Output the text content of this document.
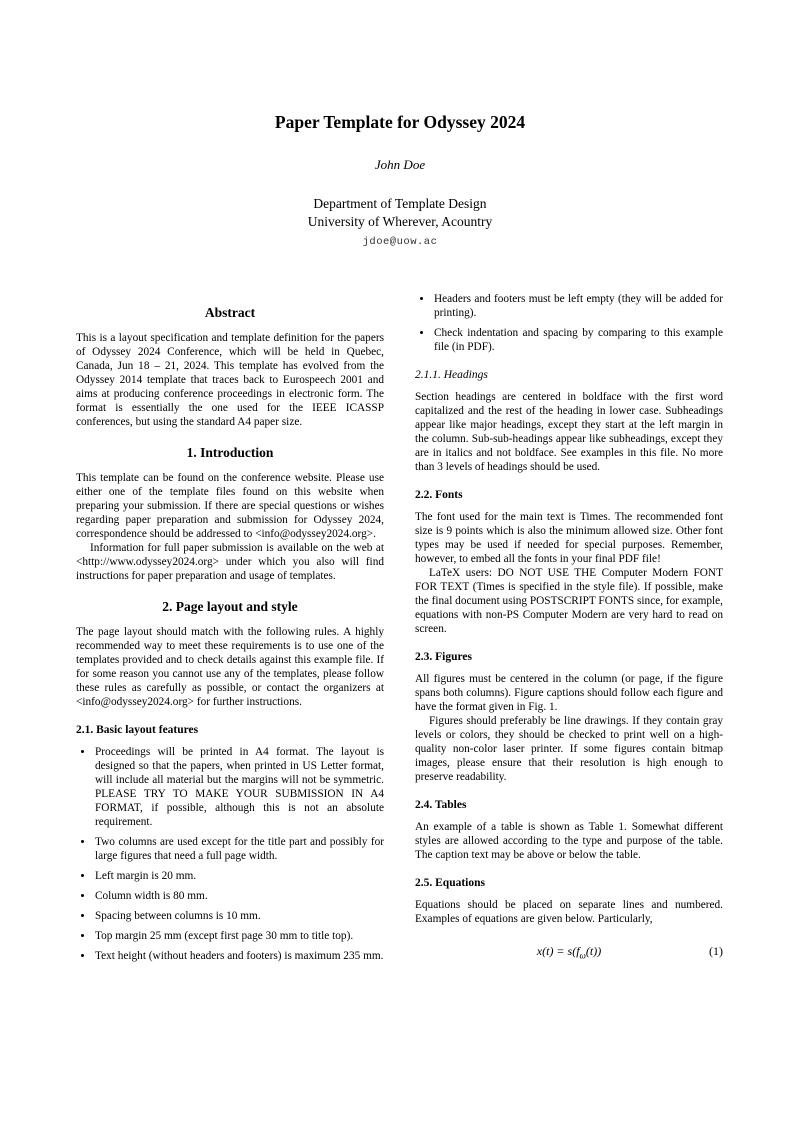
Paper Template for Odyssey 2024
John Doe
Department of Template Design
University of Wherever, Acountry
jdoe@uow.ac
Abstract

This is a layout specification and template definition for the papers of Odyssey 2024 Conference, which will be held in Quebec, Canada, Jun 18 – 21, 2024. This template has evolved from the Odyssey 2014 template that traces back to Eurospeech 2001 and aims at producing conference proceedings in electronic form. The format is essentially the one used for the IEEE ICASSP conferences, but using the standard A4 paper size.

1. Introduction

This template can be found on the conference website. Please use either one of the template files found on this website when preparing your submission. If there are special questions or wishes regarding paper preparation and submission for Odyssey 2024, correspondence should be addressed to <info@odyssey2024.org>.

Information for full paper submission is available on the web at <http://www.odyssey2024.org> under which you also will find instructions for paper preparation and usage of templates.

2. Page layout and style

The page layout should match with the following rules. A highly recommended way to meet these requirements is to use one of the templates provided and to check details against this example file. If for some reason you cannot use any of the templates, please follow these rules as carefully as possible, or contact the organizers at <info@odyssey2024.org> for further instructions.

2.1. Basic layout features
• Proceedings will be printed in A4 format. The layout is designed so that the papers, when printed in US Letter format, will include all material but the margins will not be symmetric. PLEASE TRY TO MAKE YOUR SUBMISSION IN A4 FORMAT, if possible, although this is not an absolute requirement.
• Two columns are used except for the title part and possibly for large figures that need a full page width.
• Left margin is 20 mm.
• Column width is 80 mm.
• Spacing between columns is 10 mm.
• Top margin 25 mm (except first page 30 mm to title top).
• Text height (without headers and footers) is maximum 235 mm.
• Headers and footers must be left empty (they will be added for printing).
• Check indentation and spacing by comparing to this example file (in PDF).
2.1.1. Headings

Section headings are centered in boldface with the first word capitalized and the rest of the heading in lower case. Subheadings appear like major headings, except they start at the left margin in the column. Sub-sub-headings appear like subheadings, except they are in italics and not boldface. See examples in this file. No more than 3 levels of headings should be used.

2.2. Fonts

The font used for the main text is Times. The recommended font size is 9 points which is also the minimum allowed size. Other font types may be used if needed for special purposes. Remember, however, to embed all the fonts in your final PDF file!

LaTeX users: DO NOT USE THE Computer Modern FONT FOR TEXT (Times is specified in the style file). If possible, make the final document using POSTSCRIPT FONTS since, for example, equations with non-PS Computer Modern are very hard to read on screen.

2.3. Figures

All figures must be centered in the column (or page, if the figure spans both columns). Figure captions should follow each figure and have the format given in Fig. 1.

Figures should preferably be line drawings. If they contain gray levels or colors, they should be checked to print well on a high-quality non-color laser printer. If some figures contain bitmap images, please ensure that their resolution is high enough to preserve readability.

2.4. Tables

An example of a table is shown as Table 1. Somewhat different styles are allowed according to the type and purpose of the table. The caption text may be above or below the table.

2.5. Equations

Equations should be placed on separate lines and numbered. Examples of equations are given below. Particularly,

$x(t) = s(f_\omega(t))$	(1)
